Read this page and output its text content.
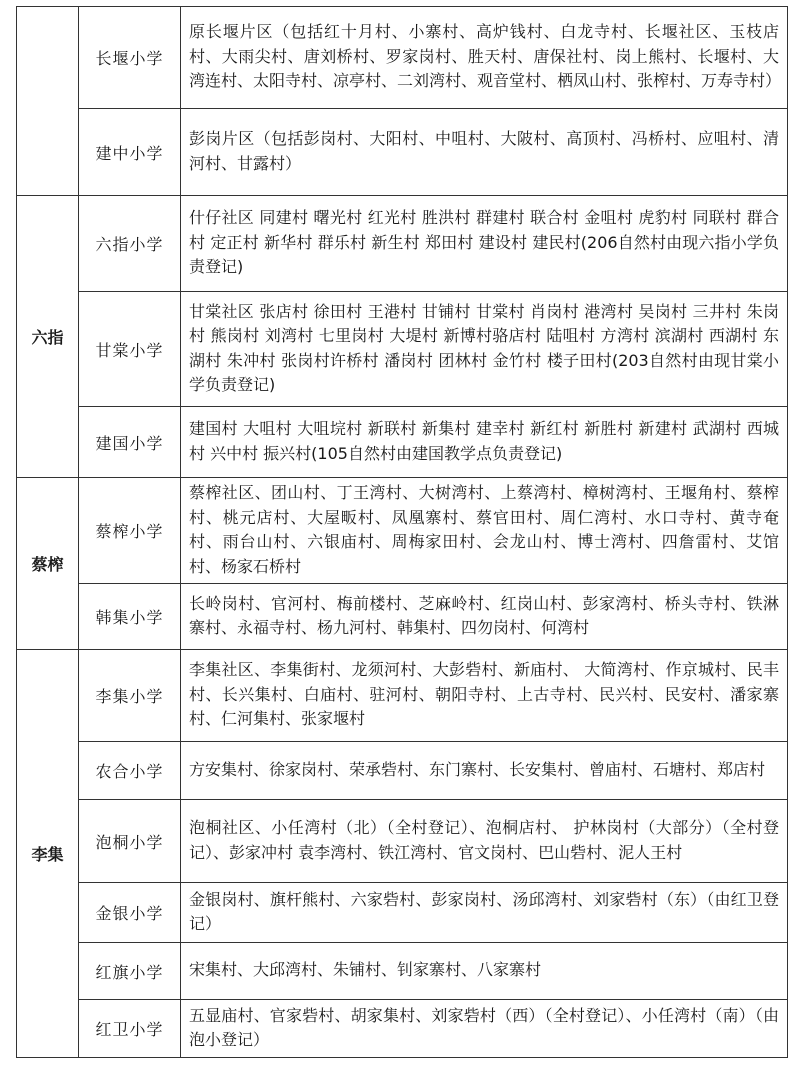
	长堰小学	原长堰片区（包括红十月村、小寨村、高炉钱村、白龙寺村、长堰社区、玉枝店村、大雨尖村、唐刘桥村、罗家岗村、胜天村、唐保社村、岗上熊村、长堰村、大湾连村、太阳寺村、凉亭村、二刘湾村、观音堂村、栖凤山村、张榨村、万寿寺村）
	建中小学	彭岗片区（包括彭岗村、大阳村、中咀村、大陂村、高顶村、冯桥村、应咀村、清河村、甘露村）
六指	六指小学	什仔社区 同建村 曙光村 红光村 胜洪村 群建村 联合村 金咀村 虎豹村 同联村 群合村 定正村 新华村 群乐村 新生村 郑田村 建设村 建民村(206自然村由现六指小学负责登记)
	甘棠小学	甘棠社区 张店村 徐田村 王港村 甘铺村 甘棠村 肖岗村 港湾村 吴岗村 三井村 朱岗村 熊岗村 刘湾村 七里岗村 大堤村 新博村骆店村 陆咀村 方湾村 滨湖村 西湖村 东湖村 朱冲村 张岗村许桥村 潘岗村 团林村 金竹村 楼子田村(203自然村由现甘棠小学负责登记)
	建国小学	建国村 大咀村 大咀垸村 新联村 新集村 建幸村 新红村 新胜村 新建村 武湖村 西城村 兴中村 振兴村(105自然村由建国教学点负责登记)
蔡榨	蔡榨小学	蔡榨社区、团山村、丁王湾村、大树湾村、上蔡湾村、樟树湾村、王堰角村、蔡榨村、桃元店村、大屋畈村、凤凰寨村、蔡官田村、周仁湾村、水口寺村、黄寺奄村、雨台山村、六银庙村、周梅家田村、会龙山村、博士湾村、四詹雷村、艾馆村、杨家石桥村
	韩集小学	长岭岗村、官河村、梅前楼村、芝麻岭村、红岗山村、彭家湾村、桥头寺村、铁淋寨村、永福寺村、杨九河村、韩集村、四勿岗村、何湾村
李集	李集小学	李集社区、李集街村、龙须河村、大彭砦村、新庙村、 大简湾村、作京城村、民丰村、长兴集村、白庙村、驻河村、朝阳寺村、上古寺村、民兴村、民安村、潘家寨村、仁河集村、张家堰村
	农合小学	方安集村、徐家岗村、荣承砦村、东门寨村、长安集村、曾庙村、石塘村、郑店村
	泡桐小学	泡桐社区、小任湾村（北）（全村登记）、泡桐店村、 护林岗村（大部分）（全村登记）、彭家冲村 袁李湾村、铁江湾村、官文岗村、巴山砦村、泥人王村
	金银小学	金银岗村、旗杆熊村、六家砦村、彭家岗村、汤邱湾村、刘家砦村（东）（由红卫登记）
	红旗小学	宋集村、大邱湾村、朱铺村、钊家寨村、八家寨村
	红卫小学	五显庙村、官家砦村、胡家集村、刘家砦村（西）（全村登记）、小任湾村（南）（由泡小登记）
